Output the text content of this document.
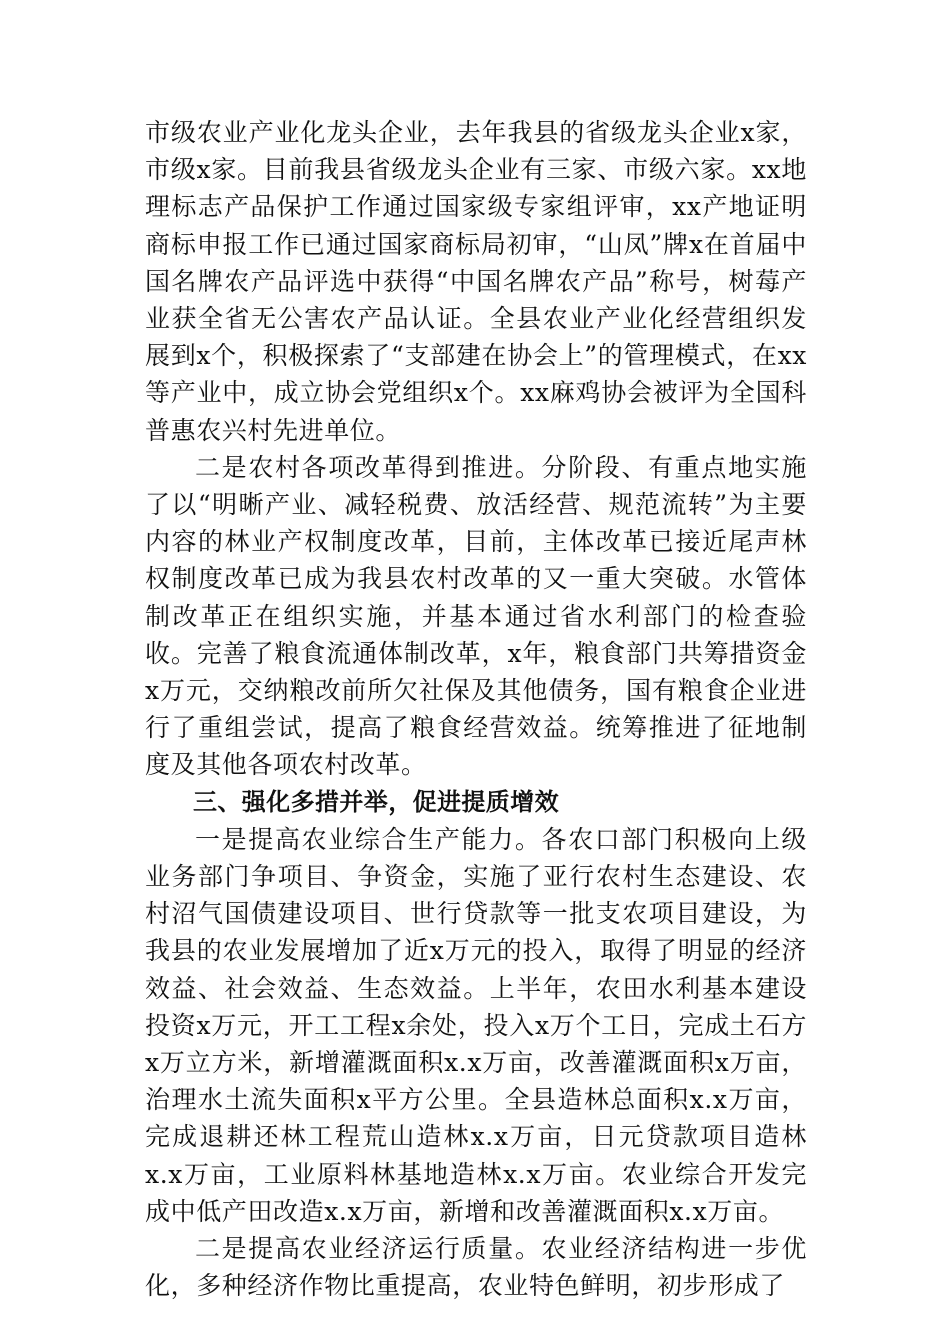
市级农业产业化龙头企业，去年我县的省级龙头企业x家，市级x家。目前我县省级龙头企业有三家、市级六家。xx地理标志产品保护工作通过国家级专家组评审，xx产地证明商标申报工作已通过国家商标局初审，“山凤”牌x在首届中国名牌农产品评选中获得“中国名牌农产品”称号，树莓产业获全省无公害农产品认证。全县农业产业化经营组织发展到x个，积极探索了“支部建在协会上”的管理模式，在xx等产业中，成立协会党组织x个。xx麻鸡协会被评为全国科普惠农兴村先进单位。

二是农村各项改革得到推进。分阶段、有重点地实施了以“明晰产业、减轻税费、放活经营、规范流转”为主要内容的林业产权制度改革，目前，主体改革已接近尾声林权制度改革已成为我县农村改革的又一重大突破。水管体制改革正在组织实施，并基本通过省水利部门的检查验收。完善了粮食流通体制改革，x年，粮食部门共筹措资金x万元，交纳粮改前所欠社保及其他债务，国有粮食企业进行了重组尝试，提高了粮食经营效益。统筹推进了征地制度及其他各项农村改革。

三、强化多措并举，促进提质增效

一是提高农业综合生产能力。各农口部门积极向上级业务部门争项目、争资金，实施了亚行农村生态建设、农村沼气国债建设项目、世行贷款等一批支农项目建设，为我县的农业发展增加了近x万元的投入，取得了明显的经济效益、社会效益、生态效益。上半年，农田水利基本建设投资x万元，开工工程x余处，投入x万个工日，完成土石方x万立方米，新增灌溉面积x.x万亩，改善灌溉面积x万亩，治理水土流失面积x平方公里。全县造林总面积x.x万亩，完成退耕还林工程荒山造林x.x万亩，日元贷款项目造林x.x万亩，工业原料林基地造林x.x万亩。农业综合开发完成中低产田改造x.x万亩，新增和改善灌溉面积x.x万亩。

二是提高农业经济运行质量。农业经济结构进一步优化，多种经济作物比重提高，农业特色鲜明，初步形成了
